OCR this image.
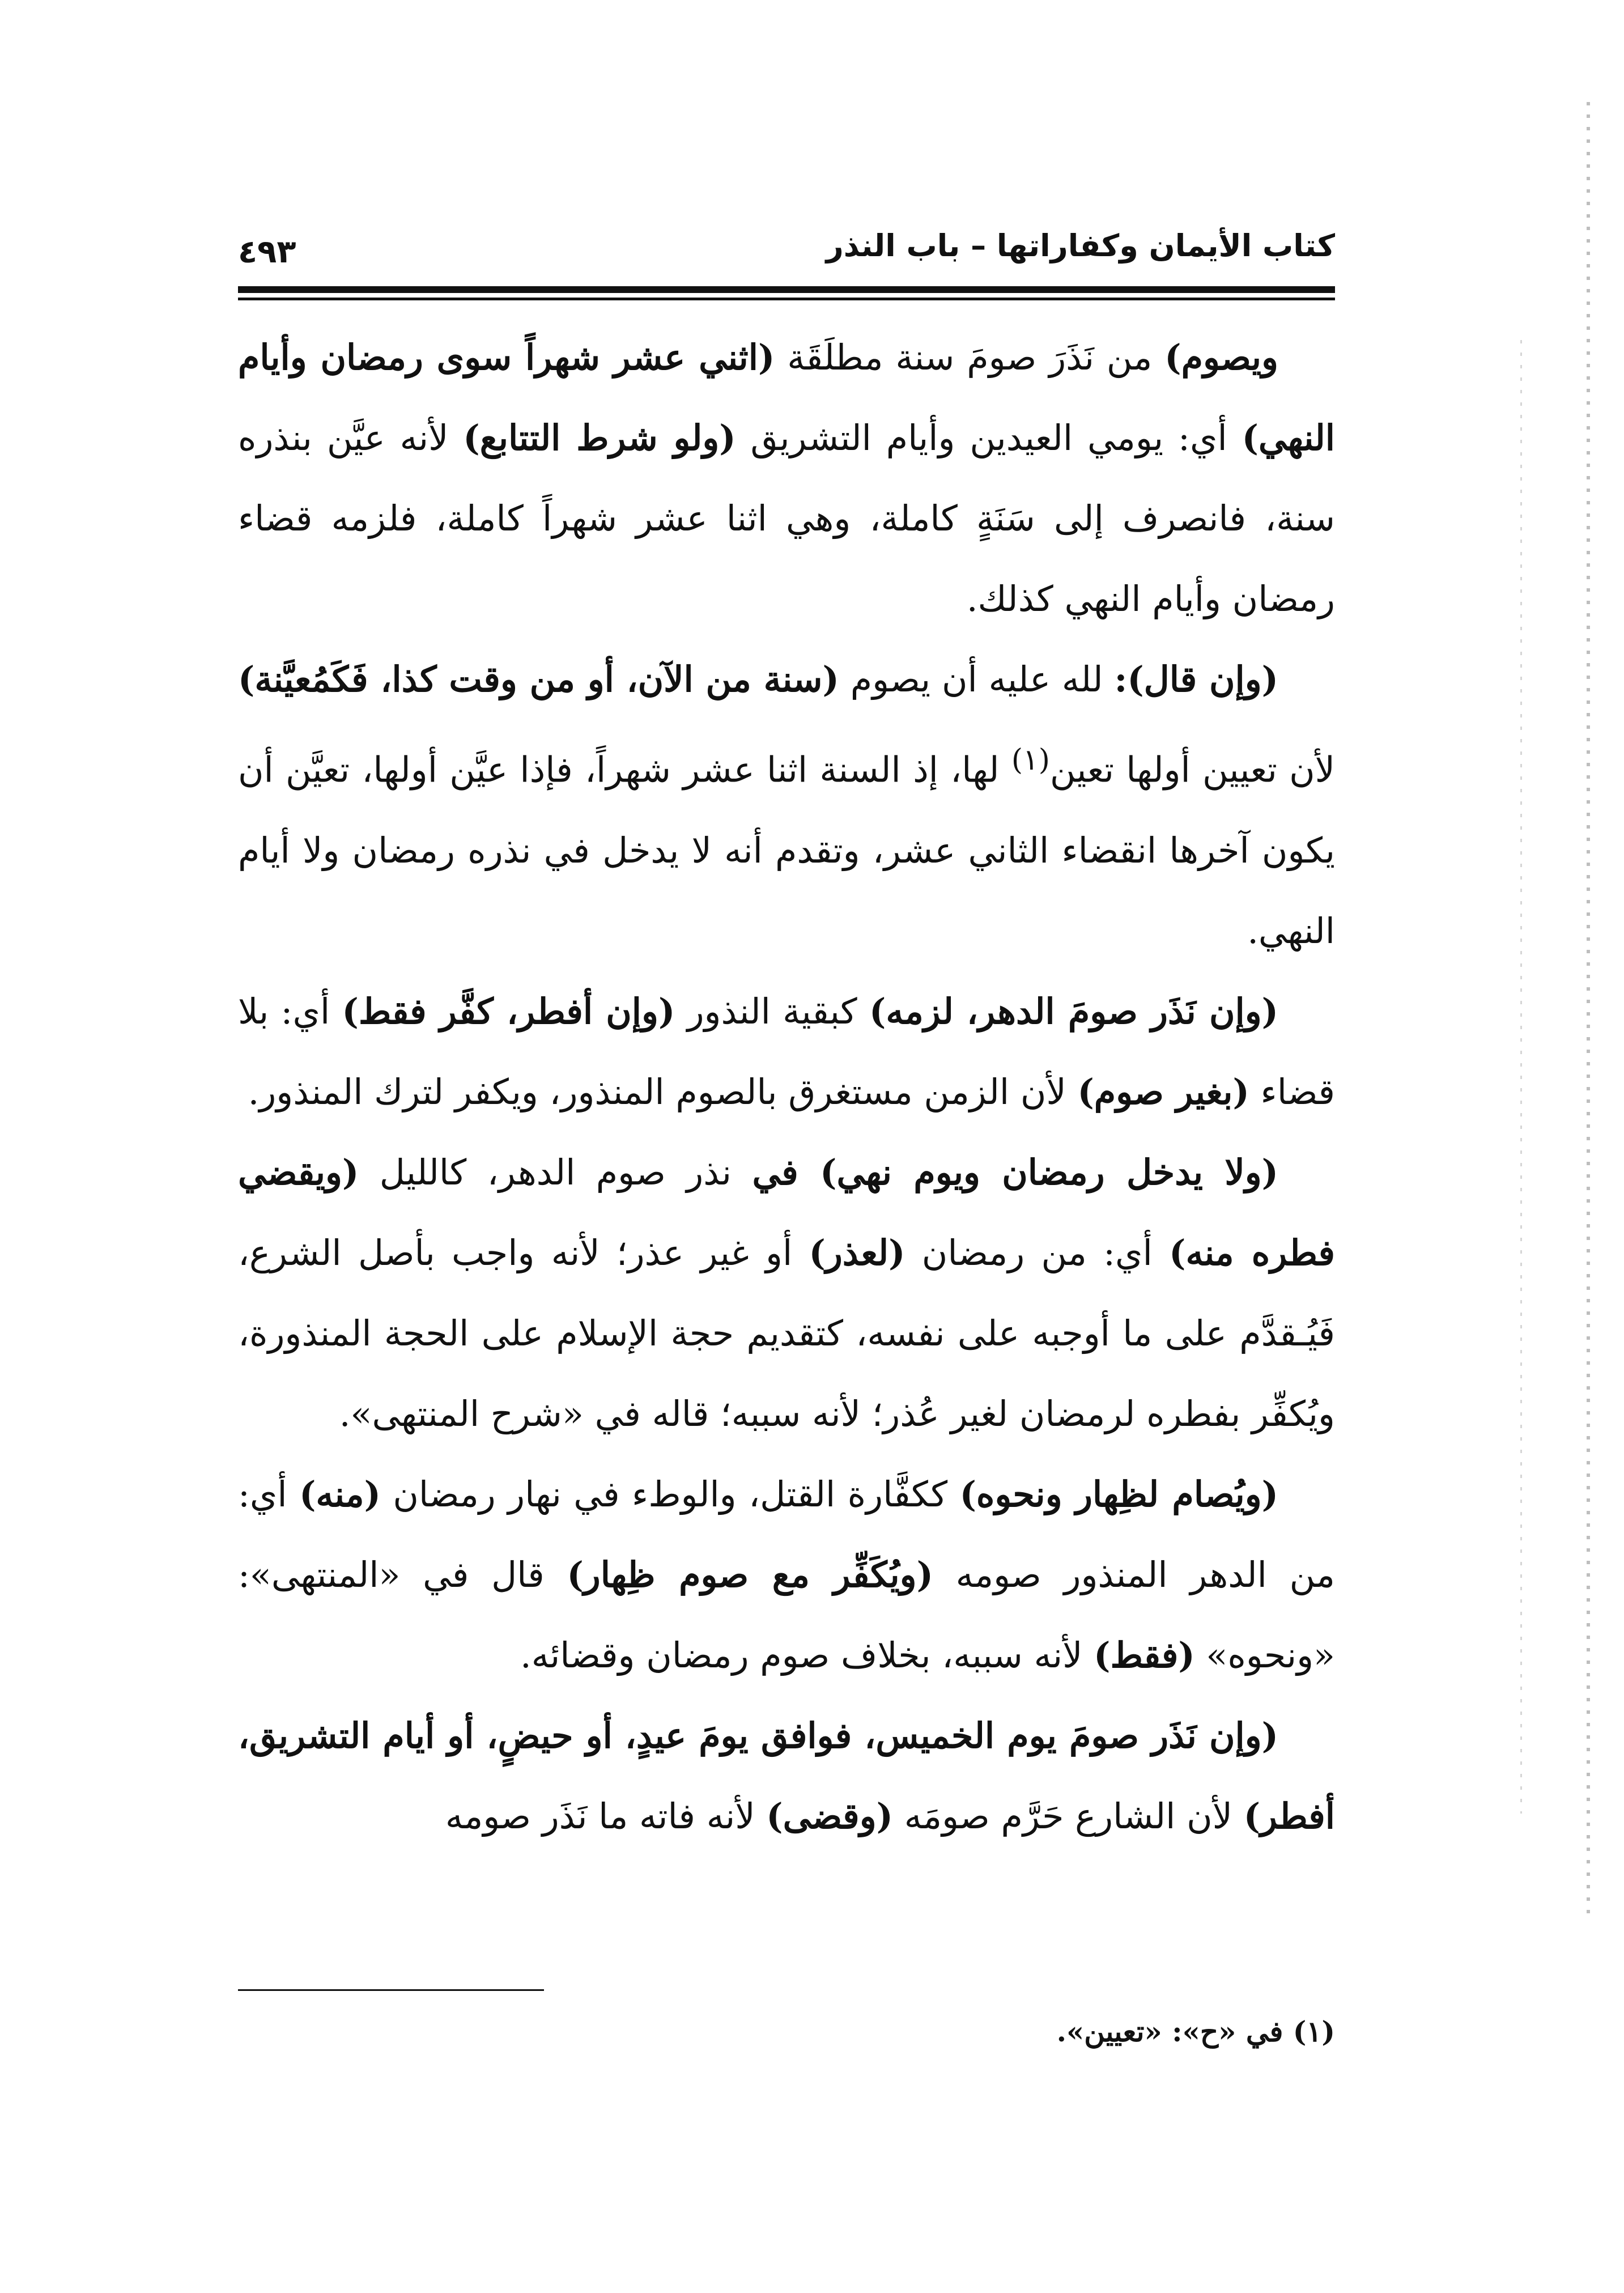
كتاب الأيمان وكفاراتها – باب النذر
٤٩٣

ويصوم) من نَذَرَ صومَ سنة مطلَقَة (اثني عشر شهراً سوى رمضان وأيام النهي) أي: يومي العيدين وأيام التشريق (ولو شرط التتابع) لأنه عيَّن بنذره سنة، فانصرف إلى سَنَةٍ كاملة، وهي اثنا عشر شهراً كاملة، فلزمه قضاء رمضان وأيام النهي كذلك.

(وإن قال): لله عليه أن يصوم (سنة من الآن، أو من وقت كذا، فَكَمُعيَّنة) لأن تعيين أولها تعين$^{(١)}$ لها، إذ السنة اثنا عشر شهراً، فإذا عيَّن أولها، تعيَّن أن يكون آخرها انقضاء الثاني عشر، وتقدم أنه لا يدخل في نذره رمضان ولا أيام النهي.

(وإن نَذَر صومَ الدهر، لزمه) كبقية النذور (وإن أفطر، كفَّر فقط) أي: بلا قضاء (بغير صوم) لأن الزمن مستغرق بالصوم المنذور، ويكفر لترك المنذور.

(ولا يدخل رمضان ويوم نهي) في نذر صوم الدهر، كالليل (ويقضي فطره منه) أي: من رمضان (لعذر) أو غير عذر؛ لأنه واجب بأصل الشرع، فَيُـقدَّم على ما أوجبه على نفسه، كتقديم حجة الإسلام على الحجة المنذورة، ويُكفِّر بفطره لرمضان لغير عُذر؛ لأنه سببه؛ قاله في «شرح المنتهى».

(ويُصام لظِهار ونحوه) ككفَّارة القتل، والوطء في نهار رمضان (منه) أي: من الدهر المنذور صومه (ويُكَفِّر مع صوم ظِهار) قال في «المنتهى»: «ونحوه» (فقط) لأنه سببه، بخلاف صوم رمضان وقضائه.

(وإن نَذَر صومَ يوم الخميس، فوافق يومَ عيدٍ، أو حيضٍ، أو أيام التشريق، أفطر) لأن الشارع حَرَّم صومَه (وقضى) لأنه فاته ما نَذَر صومه

(١) في «ح»: «تعيين».
